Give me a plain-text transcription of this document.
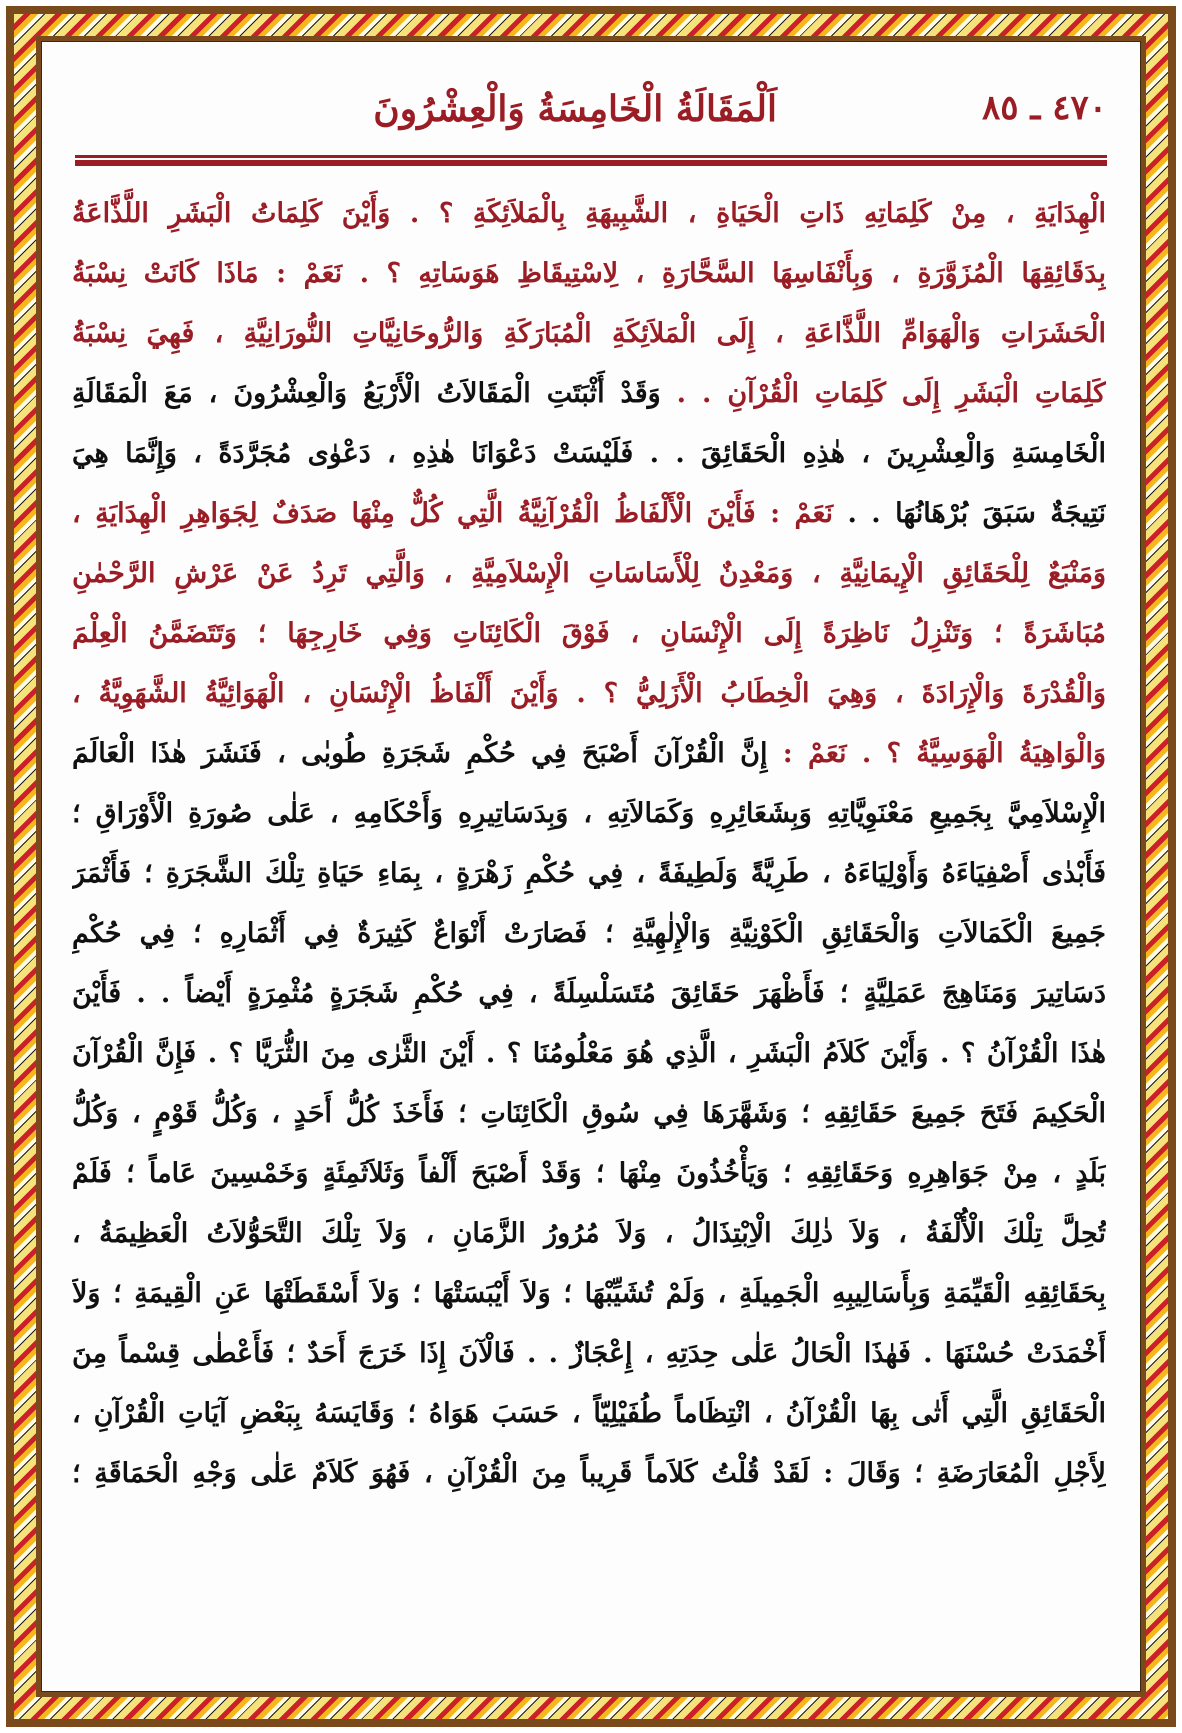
٤٧٠ ـ ٨٥
اَلْمَقَالَةُ الْخَامِسَةُ وَالْعِشْرُونَ
الْهِدَايَةِ ، مِنْ كَلِمَاتِهِ ذَاتِ الْحَيَاةِ ، الشَّبِيهَةِ بِالْمَلاَئِكَةِ ؟ . وَأَيْنَ كَلِمَاتُ الْبَشَرِ اللَّذَّاعَةُ
بِدَقَائِقِهَا الْمُزَوَّرَةِ ، وَبِأَنْفَاسِهَا السَّحَّارَةِ ، لِاسْتِيقَاظِ هَوَسَاتِهِ ؟ . نَعَمْ : مَاذَا كَانَتْ نِسْبَةُ
الْحَشَرَاتِ وَالْهَوَامِّ اللَّذَّاعَةِ ، إِلَى الْمَلاَئِكَةِ الْمُبَارَكَةِ وَالرُّوحَانِيَّاتِ النُّورَانِيَّةِ ، فَهِيَ نِسْبَةُ
كَلِمَاتِ الْبَشَرِ إِلَى كَلِمَاتِ الْقُرْآنِ . . وَقَدْ أَثْبَتَتِ الْمَقَالاَتُ الْأَرْبَعُ وَالْعِشْرُونَ ، مَعَ الْمَقَالَةِ
الْخَامِسَةِ وَالْعِشْرِينَ ، هٰذِهِ الْحَقَائِقَ . . فَلَيْسَتْ دَعْوَانَا هٰذِهِ ، دَعْوٰى مُجَرَّدَةً ، وَإِنَّمَا هِيَ
نَتِيجَةٌ سَبَقَ بُرْهَانُهَا . . نَعَمْ : فَأَيْنَ الْأَلْفَاظُ الْقُرْآنِيَّةُ الَّتِي كُلٌّ مِنْهَا صَدَفٌ لِجَوَاهِرِ الْهِدَايَةِ ،
وَمَنْبَعٌ لِلْحَقَائِقِ الْإِيمَانِيَّةِ ، وَمَعْدِنٌ لِلْأَسَاسَاتِ الْإِسْلاَمِيَّةِ ، وَالَّتِي تَرِدُ عَنْ عَرْشِ الرَّحْمٰنِ
مُبَاشَرَةً ؛ وَتَنْزِلُ نَاظِرَةً إِلَى الْإِنْسَانِ ، فَوْقَ الْكَائِنَاتِ وَفِي خَارِجِهَا ؛ وَتَتَضَمَّنُ الْعِلْمَ
وَالْقُدْرَةَ وَالْإِرَادَةَ ، وَهِيَ الْخِطَابُ الْأَزَلِيُّ ؟ . وَأَيْنَ أَلْفَاظُ الْإِنْسَانِ ، الْهَوَائِيَّةُ الشَّهَوِيَّةُ ،
وَالْوَاهِيَةُ الْهَوَسِيَّةُ ؟ . نَعَمْ : إِنَّ الْقُرْآنَ أَصْبَحَ فِي حُكْمِ شَجَرَةِ طُوبٰى ، فَنَشَرَ هٰذَا الْعَالَمَ
الْإِسْلاَمِيَّ بِجَمِيعِ مَعْنَوِيَّاتِهِ وَبِشَعَائِرِهِ وَكَمَالاَتِهِ ، وَبِدَسَاتِيرِهِ وَأَحْكَامِهِ ، عَلٰى صُورَةِ الْأَوْرَاقِ ؛
فَأَبْدٰى أَصْفِيَاءَهُ وَأَوْلِيَاءَهُ ، طَرِيَّةً وَلَطِيفَةً ، فِي حُكْمِ زَهْرَةٍ ، بِمَاءِ حَيَاةِ تِلْكَ الشَّجَرَةِ ؛ فَأَثْمَرَ
جَمِيعَ الْكَمَالاَتِ وَالْحَقَائِقِ الْكَوْنِيَّةِ وَالْإِلٰهِيَّةِ ؛ فَصَارَتْ أَنْوَاعٌ كَثِيرَةٌ فِي أَثْمَارِهِ ؛ فِي حُكْمِ
دَسَاتِيرَ وَمَنَاهِجَ عَمَلِيَّةٍ ؛ فَأَظْهَرَ حَقَائِقَ مُتَسَلْسِلَةً ، فِي حُكْمِ شَجَرَةٍ مُثْمِرَةٍ أَيْضاً . . فَأَيْنَ
هٰذَا الْقُرْآنُ ؟ . وَأَيْنَ كَلاَمُ الْبَشَرِ ، الَّذِي هُوَ مَعْلُومُنَا ؟ . أَيْنَ الثَّرٰى مِنَ الثُّرَيَّا ؟ . فَإِنَّ الْقُرْآنَ
الْحَكِيمَ فَتَحَ جَمِيعَ حَقَائِقِهِ ؛ وَشَهَّرَهَا فِي سُوقِ الْكَائِنَاتِ ؛ فَأَخَذَ كُلُّ أَحَدٍ ، وَكُلُّ قَوْمٍ ، وَكُلُّ
بَلَدٍ ، مِنْ جَوَاهِرِهِ وَحَقَائِقِهِ ؛ وَيَأْخُذُونَ مِنْهَا ؛ وَقَدْ أَصْبَحَ أَلْفاً وَثَلاَثَمِئَةٍ وَخَمْسِينَ عَاماً ؛ فَلَمْ
تُحِلَّ تِلْكَ الْأُلْفَةُ ، وَلاَ ذٰلِكَ الْاِبْتِذَالُ ، وَلاَ مُرُورُ الزَّمَانِ ، وَلاَ تِلْكَ التَّحَوُّلاَتُ الْعَظِيمَةُ ،
بِحَقَائِقِهِ الْقَيِّمَةِ وَبِأَسَالِيبِهِ الْجَمِيلَةِ ، وَلَمْ تُشَيِّبْهَا ؛ وَلاَ أَيْبَسَتْهَا ؛ وَلاَ أَسْقَطَتْهَا عَنِ الْقِيمَةِ ؛ وَلاَ
أَخْمَدَتْ حُسْنَهَا . فَهٰذَا الْحَالُ عَلٰى حِدَتِهِ ، إِعْجَازٌ . . فَالْآنَ إِذَا خَرَجَ أَحَدٌ ؛ فَأَعْطٰى قِسْماً مِنَ
الْحَقَائِقِ الَّتِي أَتٰى بِهَا الْقُرْآنُ ، انْتِظَاماً طُفَيْلِيّاً ، حَسَبَ هَوَاهُ ؛ وَقَايَسَهُ بِبَعْضِ آيَاتِ الْقُرْآنِ ،
لِأَجْلِ الْمُعَارَضَةِ ؛ وَقَالَ : لَقَدْ قُلْتُ كَلاَماً قَرِيباً مِنَ الْقُرْآنِ ، فَهُوَ كَلاَمٌ عَلٰى وَجْهِ الْحَمَاقَةِ ؛
